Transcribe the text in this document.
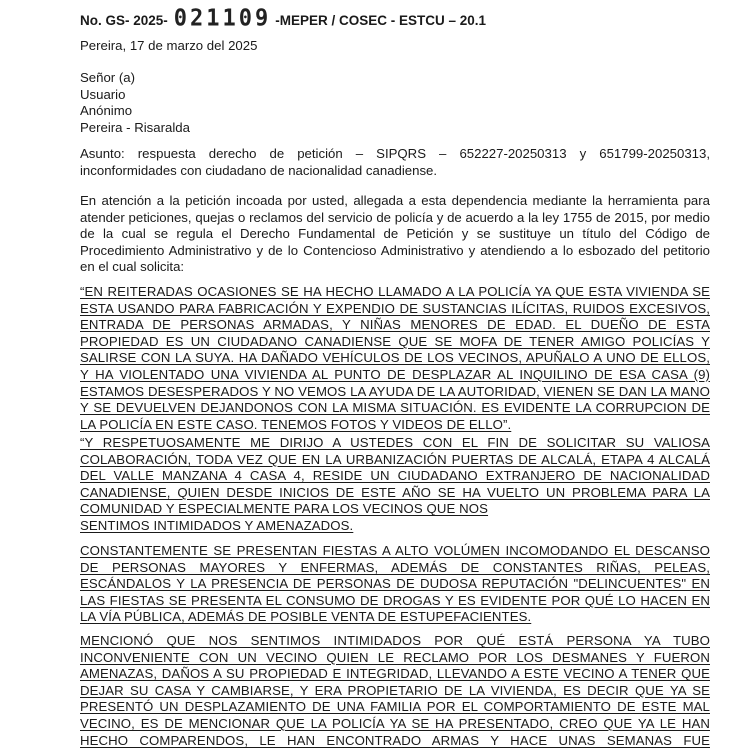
No. GS- 2025- 021109 -MEPER / COSEC - ESTCU – 20.1
Pereira, 17 de marzo del 2025
Señor (a)
Usuario
Anónimo
Pereira - Risaralda
Asunto: respuesta derecho de petición – SIPQRS – 652227-20250313 y 651799-20250313,
inconformidades con ciudadano de nacionalidad canadiense.
En atención a la petición incoada por usted, allegada a esta dependencia mediante la herramienta para
atender peticiones, quejas o reclamos del servicio de policía y de acuerdo a la ley 1755 de 2015, por medio
de la cual se regula el Derecho Fundamental de Petición y se sustituye un título del Código de
Procedimiento Administrativo y de lo Contencioso Administrativo y atendiendo a lo esbozado del petitorio
en el cual solicita:
“EN REITERADAS OCASIONES SE HA HECHO LLAMADO A LA POLICÍA YA QUE ESTA VIVIENDA SE
ESTA USANDO PARA FABRICACIÓN Y EXPENDIO DE SUSTANCIAS ILÍCITAS, RUIDOS EXCESIVOS,
ENTRADA DE PERSONAS ARMADAS, Y NIÑAS MENORES DE EDAD. EL DUEÑO DE ESTA
PROPIEDAD ES UN CIUDADANO CANADIENSE QUE SE MOFA DE TENER AMIGO POLICÍAS Y
SALIRSE CON LA SUYA. HA DAÑADO VEHÍCULOS DE LOS VECINOS, APUÑALO A UNO DE ELLOS,
Y HA VIOLENTADO UNA VIVIENDA AL PUNTO DE DESPLAZAR AL INQUILINO DE ESA CASA (9)
ESTAMOS DESESPERADOS Y NO VEMOS LA AYUDA DE LA AUTORIDAD, VIENEN SE DAN LA MANO
Y SE DEVUELVEN DEJANDONOS CON LA MISMA SITUACIÓN. ES EVIDENTE LA CORRUPCION DE
LA POLICÍA EN ESTE CASO. TENEMOS FOTOS Y VIDEOS DE ELLO”.
“Y RESPETUOSAMENTE ME DIRIJO A USTEDES CON EL FIN DE SOLICITAR SU VALIOSA
COLABORACIÓN, TODA VEZ QUE EN LA URBANIZACIÓN PUERTAS DE ALCALÁ, ETAPA 4 ALCALÁ
DEL VALLE MANZANA 4 CASA 4, RESIDE UN CIUDADANO EXTRANJERO DE NACIONALIDAD
CANADIENSE, QUIEN DESDE INICIOS DE ESTE AÑO SE HA VUELTO UN PROBLEMA PARA LA
COMUNIDAD Y ESPECIALMENTE PARA LOS VECINOS QUE NOS
SENTIMOS INTIMIDADOS Y AMENAZADOS.
CONSTANTEMENTE SE PRESENTAN FIESTAS A ALTO VOLÚMEN INCOMODANDO EL DESCANSO
DE PERSONAS MAYORES Y ENFERMAS, ADEMÁS DE CONSTANTES RIÑAS, PELEAS,
ESCÁNDALOS Y LA PRESENCIA DE PERSONAS DE DUDOSA REPUTACIÓN "DELINCUENTES" EN
LAS FIESTAS SE PRESENTA EL CONSUMO DE DROGAS Y ES EVIDENTE POR QUÉ LO HACEN EN
LA VÍA PÚBLICA, ADEMÁS DE POSIBLE VENTA DE ESTUPEFACIENTES.
MENCIONÓ QUE NOS SENTIMOS INTIMIDADOS POR QUÉ ESTÁ PERSONA YA TUBO
INCONVENIENTE CON UN VECINO QUIEN LE RECLAMO POR LOS DESMANES Y FUERON
AMENAZAS, DAÑOS A SU PROPIEDAD E INTEGRIDAD, LLEVANDO A ESTE VECINO A TENER QUE
DEJAR SU CASA Y CAMBIARSE, Y ERA PROPIETARIO DE LA VIVIENDA, ES DECIR QUE YA SE
PRESENTÓ UN DESPLAZAMIENTO DE UNA FAMILIA POR EL COMPORTAMIENTO DE ESTE MAL
VECINO, ES DE MENCIONAR QUE LA POLICÍA YA SE HA PRESENTADO, CREO QUE YA LE HAN
HECHO COMPARENDOS, LE HAN ENCONTRADO ARMAS Y HACE UNAS SEMANAS FUE
